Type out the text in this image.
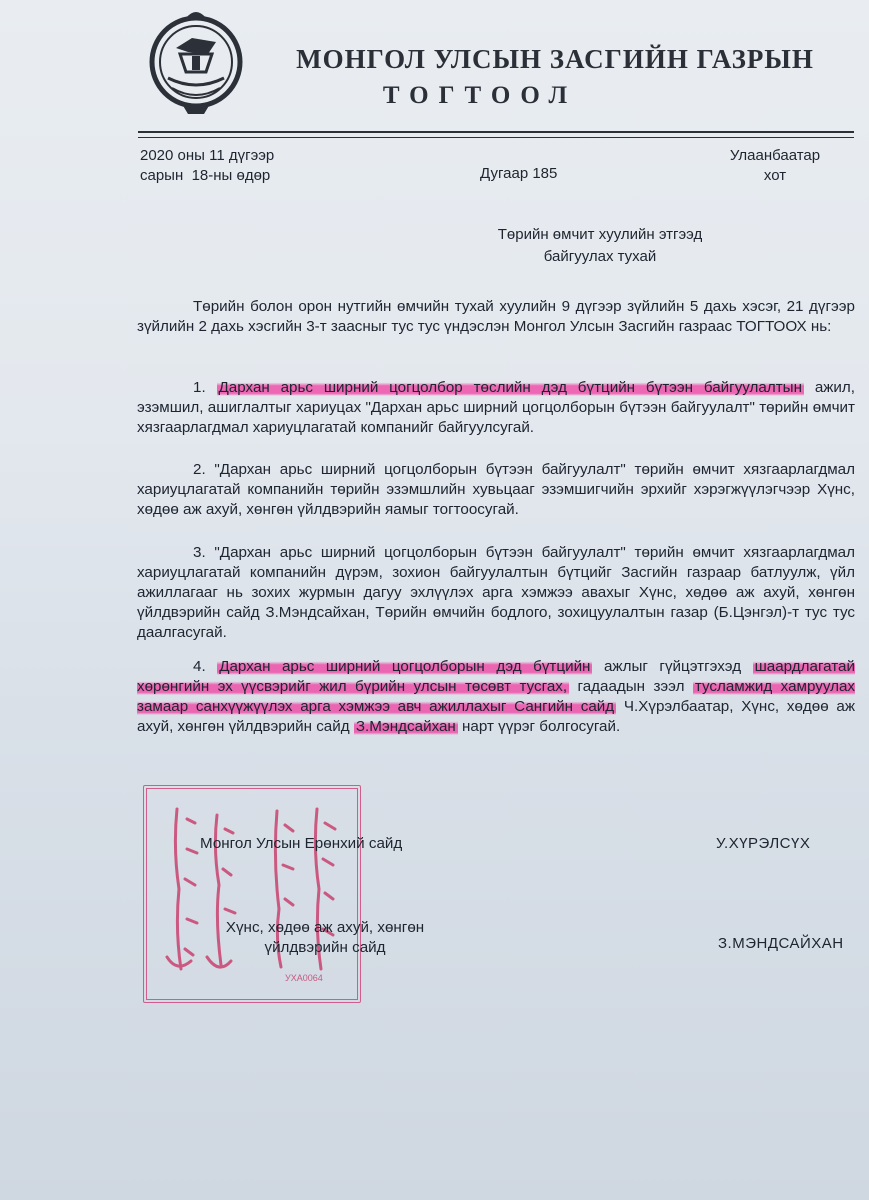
МОНГОЛ УЛСЫН ЗАСГИЙН ГАЗРЫН
ТОГТООЛ
2020 оны 11 дүгээр
сарын  18-ны өдөр	Дугаар 185
Улаанбаатар
хот
Төрийн өмчит хуулийн этгээд
байгуулах тухай

Төрийн болон орон нутгийн өмчийн тухай хуулийн 9 дүгээр зүйлийн 5 дахь хэсэг, 21 дүгээр зүйлийн 2 дахь хэсгийн 3-т заасныг тус тус үндэслэн Монгол Улсын Засгийн газраас ТОГТООХ нь:

1. Дархан арьс ширний цогцолбор төслийн дэд бүтцийн бүтээн байгуулалтын ажил, эзэмшил, ашиглалтыг хариуцах "Дархан арьс ширний цогцолборын бүтээн байгуулалт" төрийн өмчит хязгаарлагдмал хариуцлагатай компанийг байгуулсугай.

2. "Дархан арьс ширний цогцолборын бүтээн байгуулалт" төрийн өмчит хязгаарлагдмал хариуцлагатай компанийн төрийн эзэмшлийн хувьцааг эзэмшигчийн эрхийг хэрэгжүүлэгчээр Хүнс, хөдөө аж ахуй, хөнгөн үйлдвэрийн яамыг тогтоосугай.

3. "Дархан арьс ширний цогцолборын бүтээн байгуулалт" төрийн өмчит хязгаарлагдмал хариуцлагатай компанийн дүрэм, зохион байгуулалтын бүтцийг Засгийн газраар батлуулж, үйл ажиллагааг нь зохих журмын дагуу эхлүүлэх арга хэмжээ авахыг Хүнс, хөдөө аж ахуй, хөнгөн үйлдвэрийн сайд З.Мэндсайхан, Төрийн өмчийн бодлого, зохицуулалтын газар (Б.Цэнгэл)-т тус тус даалгасугай.

4. Дархан арьс ширний цогцолборын дэд бүтцийн ажлыг гүйцэтгэхэд шаардлагатай хөрөнгийн эх үүсвэрийг жил бүрийн улсын төсөвт тусгах, гадаадын зээл тусламжид хамруулах замаар санхүүжүүлэх арга хэмжээ авч ажиллахыг Сангийн сайд Ч.Хүрэлбаатар, Хүнс, хөдөө аж ахуй, хөнгөн үйлдвэрийн сайд З.Мэндсайхан нарт үүрэг болгосугай.

УХА0064
Монгол Улсын Ерөнхий сайд	У.ХҮРЭЛСҮХ
Хүнс, хөдөө аж ахуй, хөнгөн
үйлдвэрийн сайд	З.МЭНДСАЙХАН
